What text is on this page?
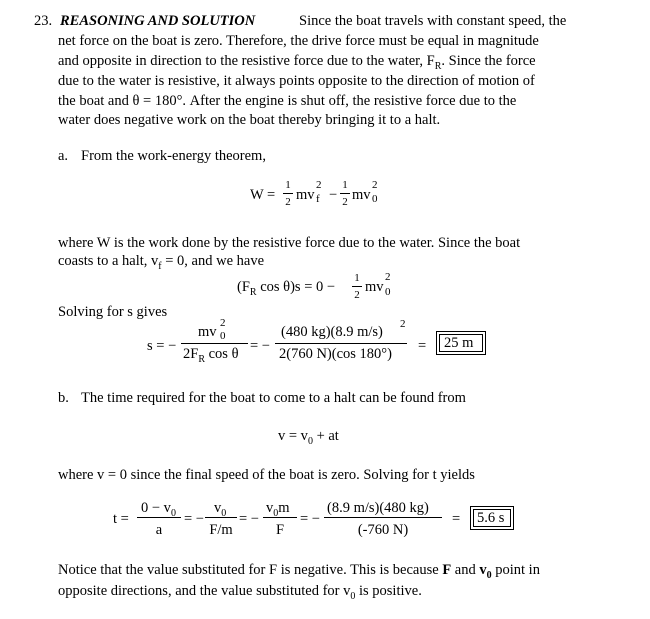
23. REASONING AND SOLUTION	Since the boat travels with constant speed, the
net force on the boat is zero. Therefore, the drive force must be equal in magnitude
and opposite in direction to the resistive force due to the water, $F_R$. Since the force
due to the water is resistive, it always points opposite to the direction of motion of
the boat and θ = 180°. After the engine is shut off, the resistive force due to the
water does negative work on the boat thereby bringing it to a halt.
a. From the work-energy theorem,
W =
1
2 mv
2
f −
1
2 mv
2
0
where W is the work done by the resistive force due to the water. Since the boat
coasts to a halt, $v_f = 0$, and we have
($F_R$ cos θ)s = 0 −
1
2 mv
2
0
Solving for s gives
s = −
mv
2
0
$2F_R$ cos θ = −
(480 kg)(8.9 m/s) 2
2(760 N)(cos 180°) = 25 m
b. The time required for the boat to come to a halt can be found from
$v = v_0$ + at
where v = 0 since the final speed of the boat is zero. Solving for t yields
t =
$0 - v_0$
a
= −
$v_0$
F/m
= −
$v_0m$
F
= −
(8.9 m/s)(480 kg)
(-760 N)
= 5.6 s
Notice that the value substituted for F is negative. This is because F and $v_0$ point in
opposite directions, and the value substituted for $v_0$ is positive.
